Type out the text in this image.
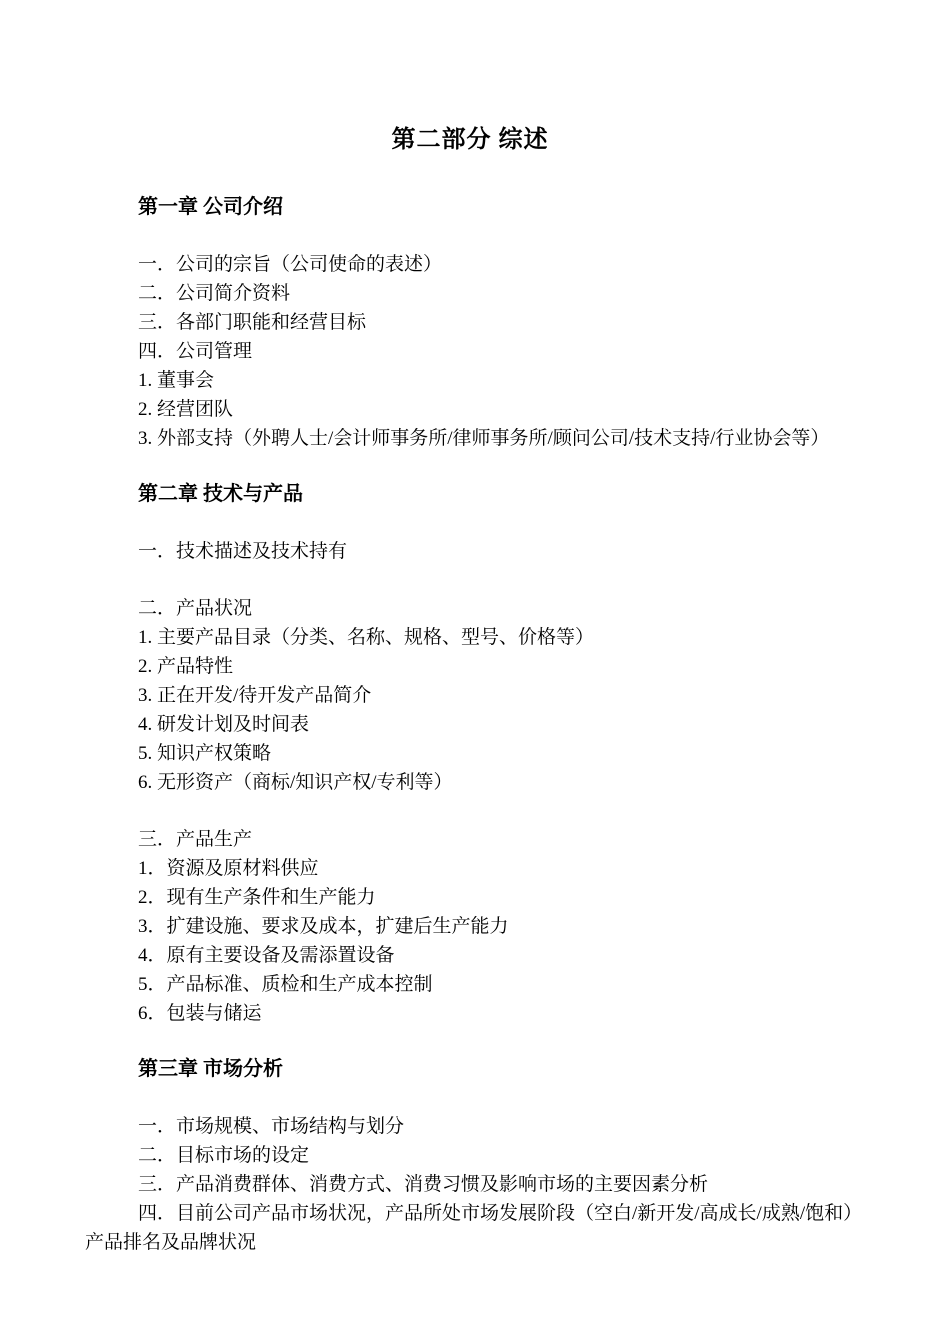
第二部分 综述
第一章 公司介绍

一．公司的宗旨（公司使命的表述）

二．公司简介资料

三．各部门职能和经营目标

四．公司管理

1. 董事会

2. 经营团队

3. 外部支持（外聘人士/会计师事务所/律师事务所/顾问公司/技术支持/行业协会等）

第二章 技术与产品

一．技术描述及技术持有

二．产品状况

1. 主要产品目录（分类、名称、规格、型号、价格等）

2. 产品特性

3. 正在开发/待开发产品简介

4. 研发计划及时间表

5. 知识产权策略

6. 无形资产（商标/知识产权/专利等）

三．产品生产

1．资源及原材料供应

2．现有生产条件和生产能力

3．扩建设施、要求及成本，扩建后生产能力

4．原有主要设备及需添置设备

5．产品标准、质检和生产成本控制

6．包装与储运

第三章 市场分析

一．市场规模、市场结构与划分

二．目标市场的设定

三．产品消费群体、消费方式、消费习惯及影响市场的主要因素分析

四．目前公司产品市场状况，产品所处市场发展阶段（空白/新开发/高成长/成熟/饱和）产品排名及品牌状况
